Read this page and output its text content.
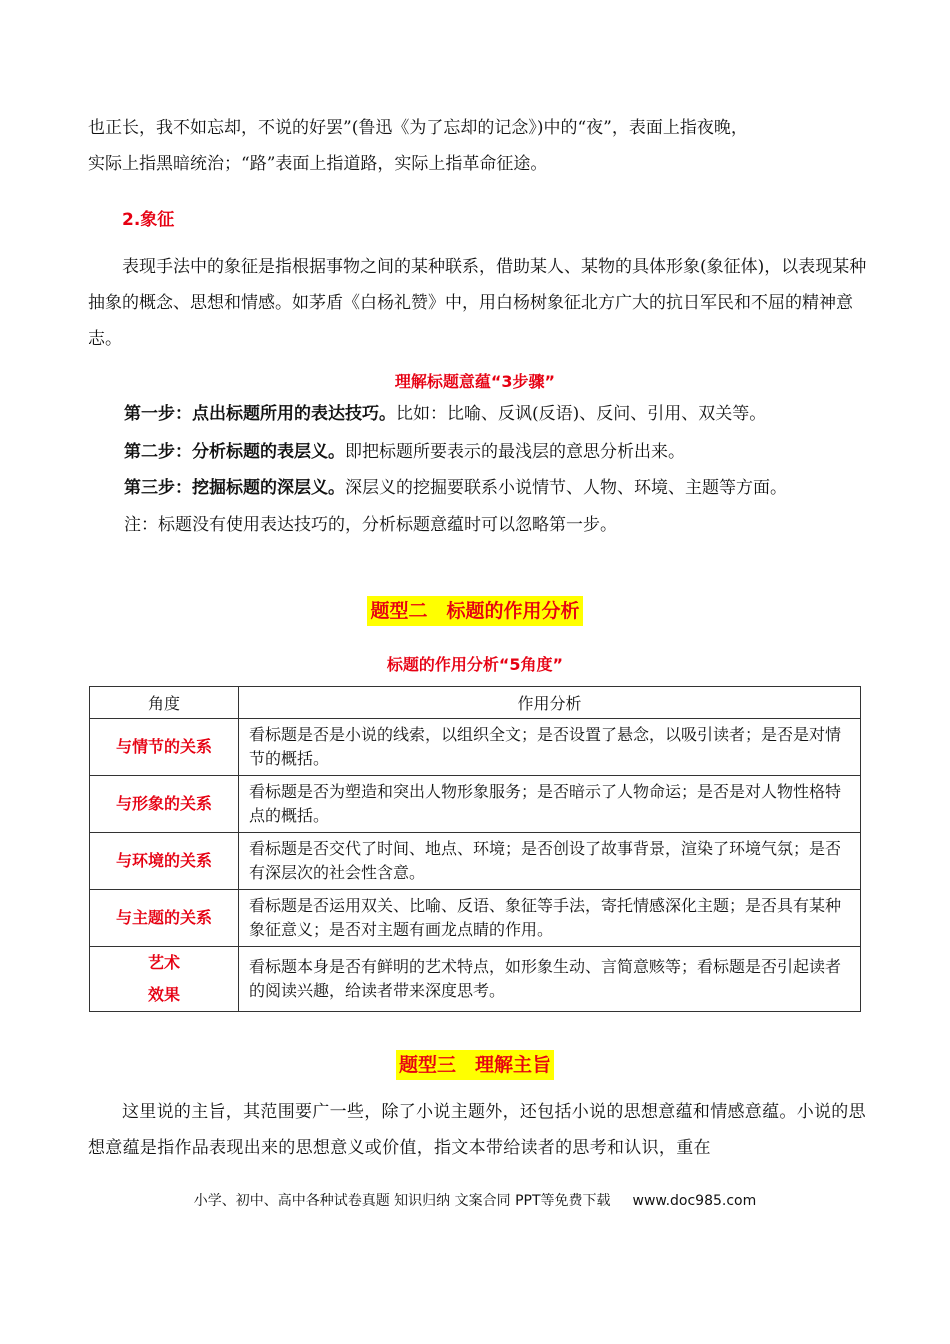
也正长，我不如忘却，不说的好罢”(鲁迅《为了忘却的记念》)中的“夜”，表面上指夜晚，

实际上指黑暗统治；“路”表面上指道路，实际上指革命征途。

2.象征

表现手法中的象征是指根据事物之间的某种联系，借助某人、某物的具体形象(象征体)，以表现某种抽象的概念、思想和情感。如茅盾《白杨礼赞》中，用白杨树象征北方广大的抗日军民和不屈的精神意志。

理解标题意蕴“3步骤”
第一步：点出标题所用的表达技巧。比如：比喻、反讽(反语)、反问、引用、双关等。
第二步：分析标题的表层义。即把标题所要表示的最浅层的意思分析出来。
第三步：挖掘标题的深层义。深层义的挖掘要联系小说情节、人物、环境、主题等方面。
注：标题没有使用表达技巧的，分析标题意蕴时可以忽略第一步。
题型二　标题的作用分析
标题的作用分析“5角度”
角度	作用分析
与情节的关系	看标题是否是小说的线索，以组织全文；是否设置了悬念，以吸引读者；是否是对情节的概括。
与形象的关系	看标题是否为塑造和突出人物形象服务；是否暗示了人物命运；是否是对人物性格特点的概括。
与环境的关系	看标题是否交代了时间、地点、环境；是否创设了故事背景，渲染了环境气氛；是否有深层次的社会性含意。
与主题的关系	看标题是否运用双关、比喻、反语、象征等手法，寄托情感深化主题；是否具有某种象征意义；是否对主题有画龙点睛的作用。

艺术
效果	看标题本身是否有鲜明的艺术特点，如形象生动、言简意赅等；看标题是否引起读者的阅读兴趣，给读者带来深度思考。
题型三　理解主旨

这里说的主旨，其范围要广一些，除了小说主题外，还包括小说的思想意蕴和情感意蕴。小说的思想意蕴是指作品表现出来的思想意义或价值，指文本带给读者的思考和认识，重在

小学、初中、高中各种试卷真题 知识归纳 文案合同 PPT等免费下载 www.doc985.com
